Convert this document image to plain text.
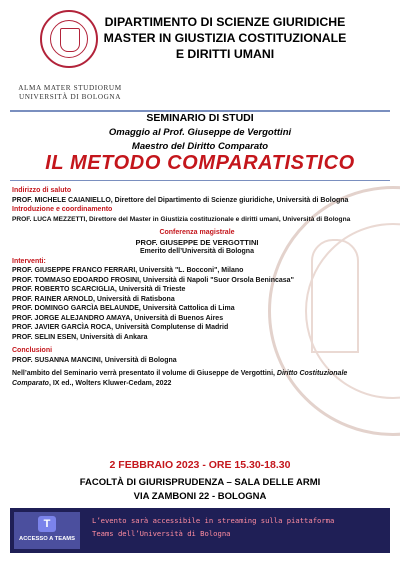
ALMA MATER STUDIORUM
UNIVERSITÀ DI BOLOGNA
DIPARTIMENTO DI SCIENZE GIURIDICHE
MASTER IN GIUSTIZIA COSTITUZIONALE
E DIRITTI UMANI
SEMINARIO DI STUDI
Omaggio al Prof. Giuseppe de Vergottini
Maestro del Diritto Comparato
IL METODO COMPARATISTICO
Indirizzo di saluto
PROF. MICHELE CAIANIELLO, Direttore del Dipartimento di Scienze giuridiche, Università di Bologna
Introduzione e coordinamento
PROF. LUCA MEZZETTI, Direttore del Master in Giustizia costituzionale e diritti umani, Università di Bologna
Conferenza magistrale
PROF. GIUSEPPE DE VERGOTTINI
Emerito dell’Università di Bologna
Interventi:
PROF. GIUSEPPE FRANCO FERRARI, Università "L. Bocconi", Milano
PROF. TOMMASO EDOARDO FROSINI, Università di Napoli "Suor Orsola Benincasa"
PROF. ROBERTO SCARCIGLIA, Università di Trieste
PROF. RAINER ARNOLD, Università di Ratisbona
PROF. DOMINGO GARCÌA BELAUNDE, Università Cattolica di Lima
PROF. JORGE ALEJANDRO AMAYA, Università di Buenos Aires
PROF. JAVIER GARCÌA ROCA, Università Complutense di Madrid
PROF. SELIN ESEN, Università di Ankara
Conclusioni
PROF. SUSANNA MANCINI, Università di Bologna
Nell’ambito del Seminario verrà presentato il volume di Giuseppe de Vergottini, Diritto Costituzionale
Comparato, IX ed., Wolters Kluwer-Cedam, 2022
2 FEBBRAIO 2023 - ORE 15.30-18.30
FACOLTÀ DI GIURISPRUDENZA – SALA DELLE ARMI
VIA ZAMBONI 22 - BOLOGNA
T
ACCESSO A TEAMS
L’evento sarà accessibile in streaming sulla piattaforma
Teams dell’Università di Bologna
